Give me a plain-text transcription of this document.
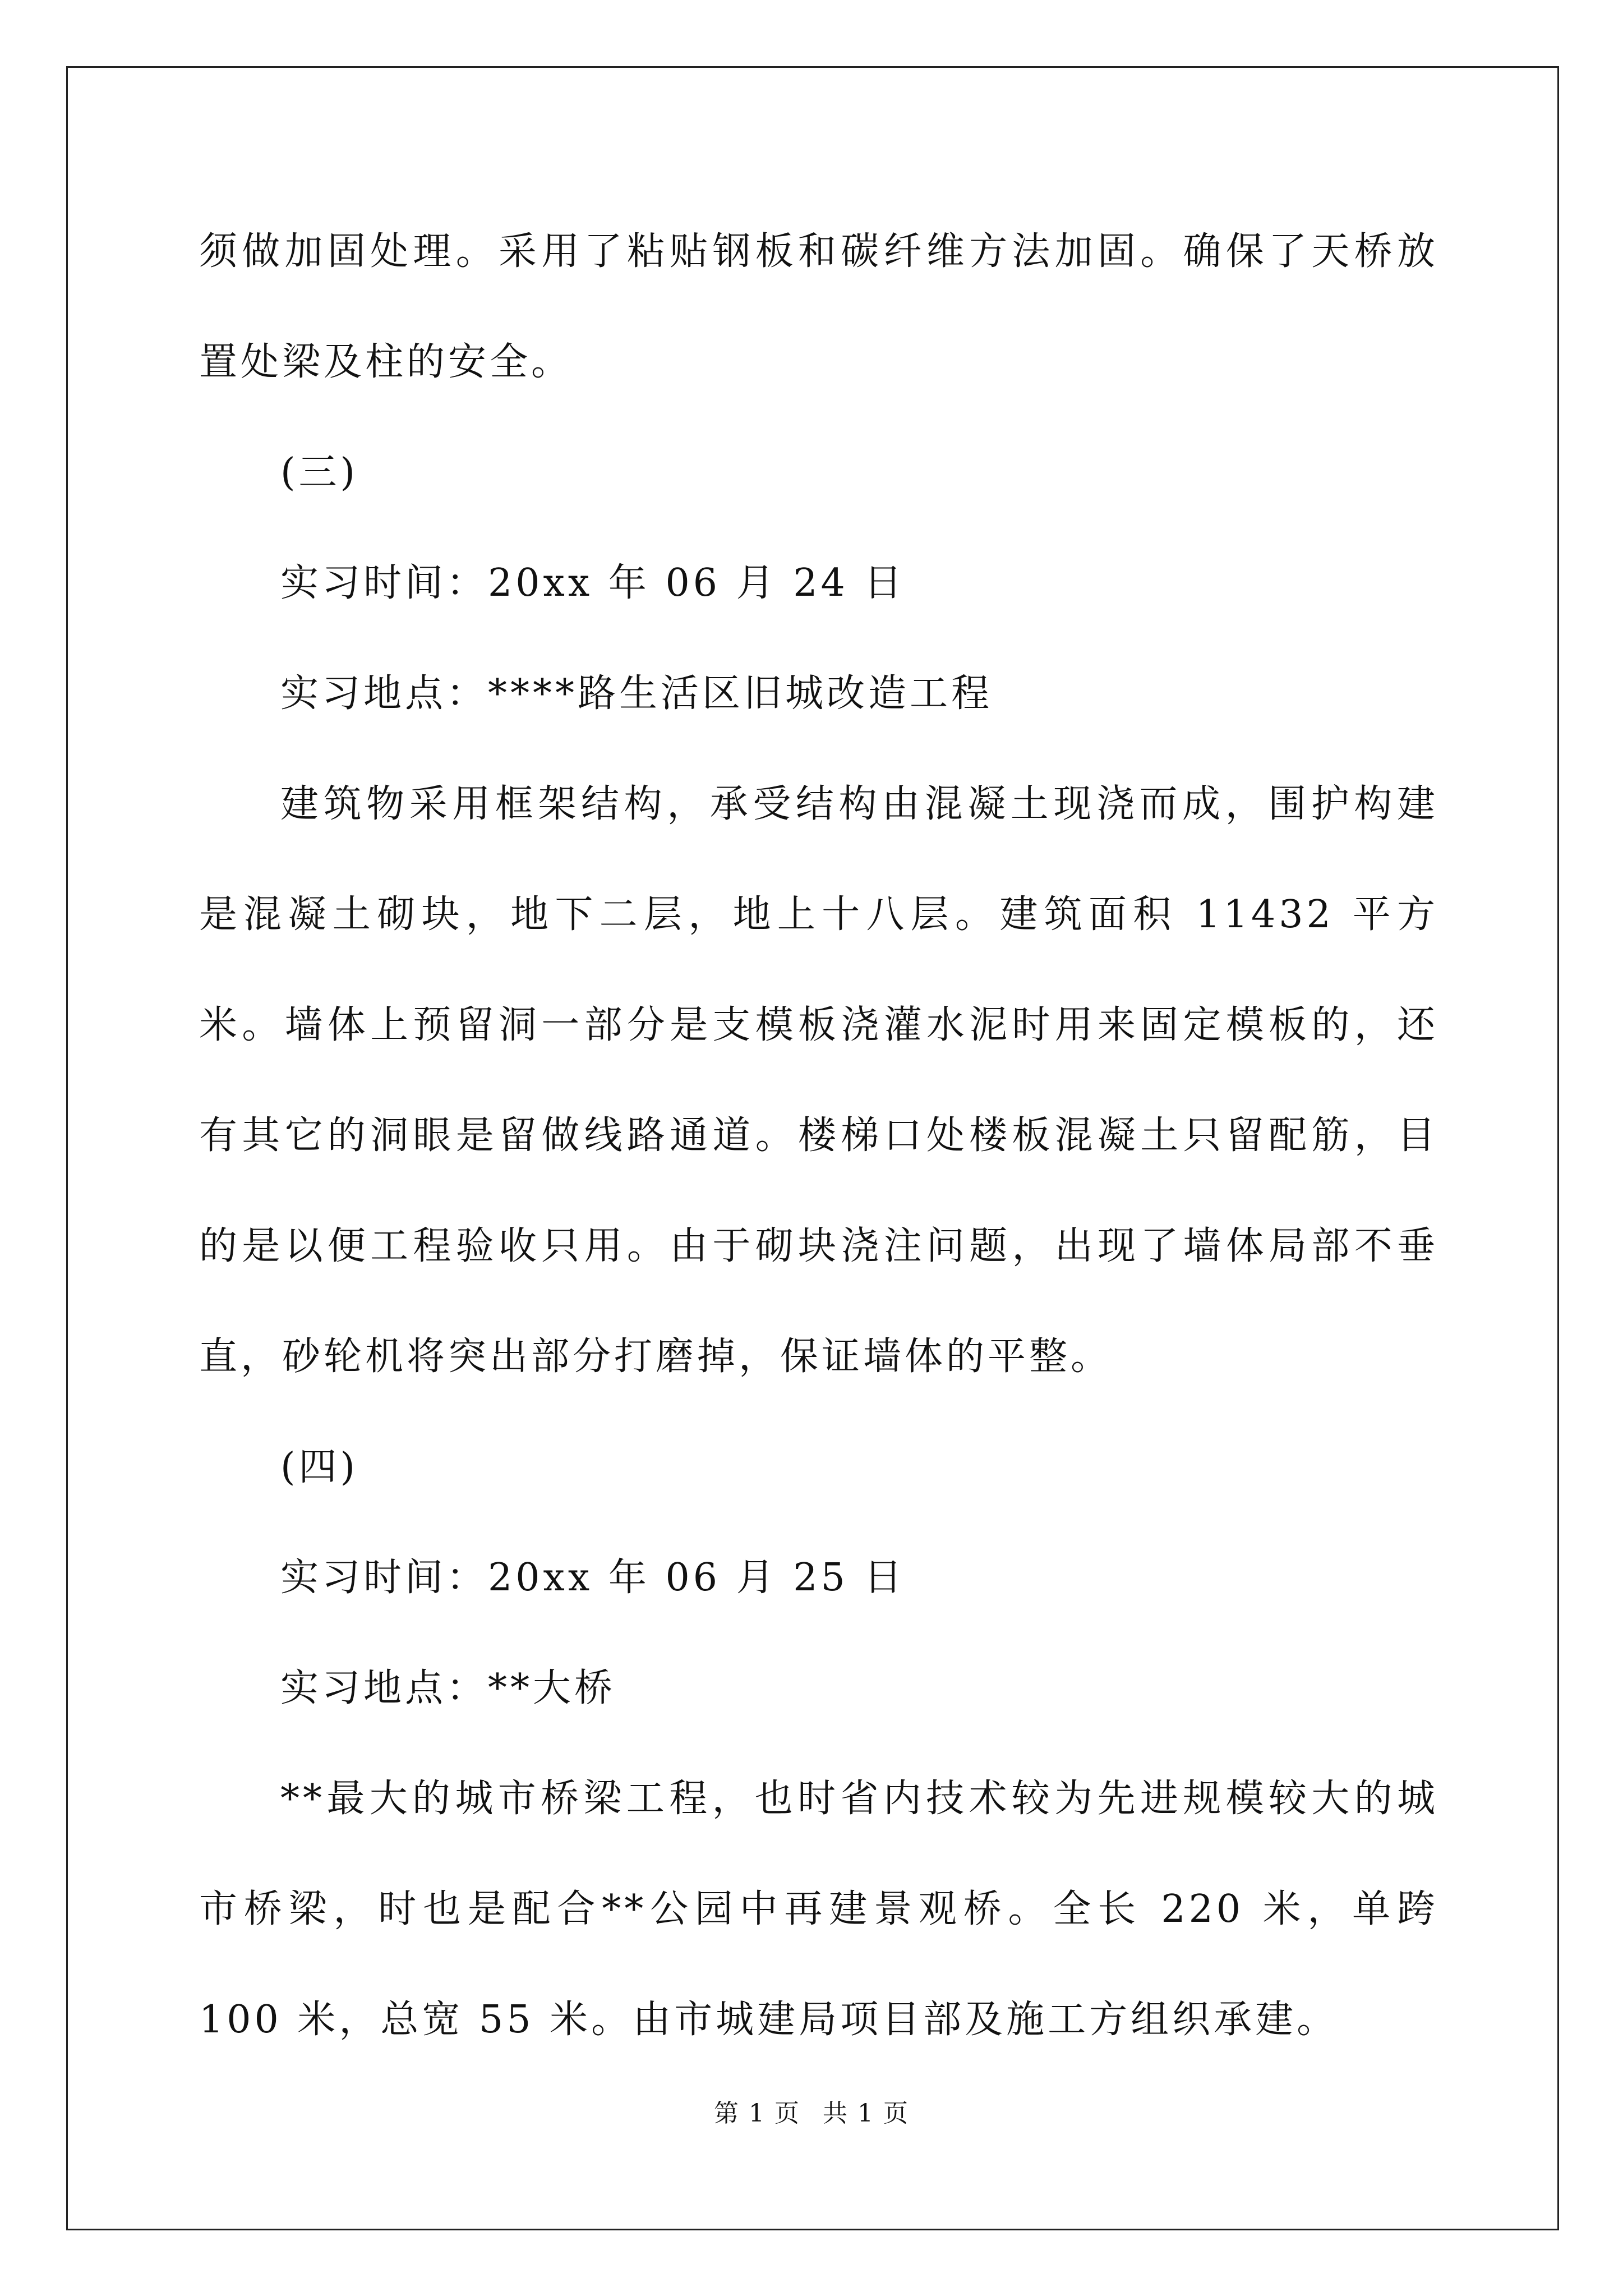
须做加固处理。采用了粘贴钢板和碳纤维方法加固。确保了天桥放置处梁及柱的安全。

(三)

实习时间：20xx 年 06 月 24 日

实习地点：****路生活区旧城改造工程

建筑物采用框架结构，承受结构由混凝土现浇而成，围护构建是混凝土砌块，地下二层，地上十八层。建筑面积 11432 平方米。墙体上预留洞一部分是支模板浇灌水泥时用来固定模板的，还有其它的洞眼是留做线路通道。楼梯口处楼板混凝土只留配筋，目的是以便工程验收只用。由于砌块浇注问题，出现了墙体局部不垂直，砂轮机将突出部分打磨掉，保证墙体的平整。

(四)

实习时间：20xx 年 06 月 25 日

实习地点：**大桥

**最大的城市桥梁工程，也时省内技术较为先进规模较大的城市桥梁，时也是配合**公园中再建景观桥。全长 220 米，单跨 100 米，总宽 55 米。由市城建局项目部及施工方组织承建。

第 1 页 共 1 页
